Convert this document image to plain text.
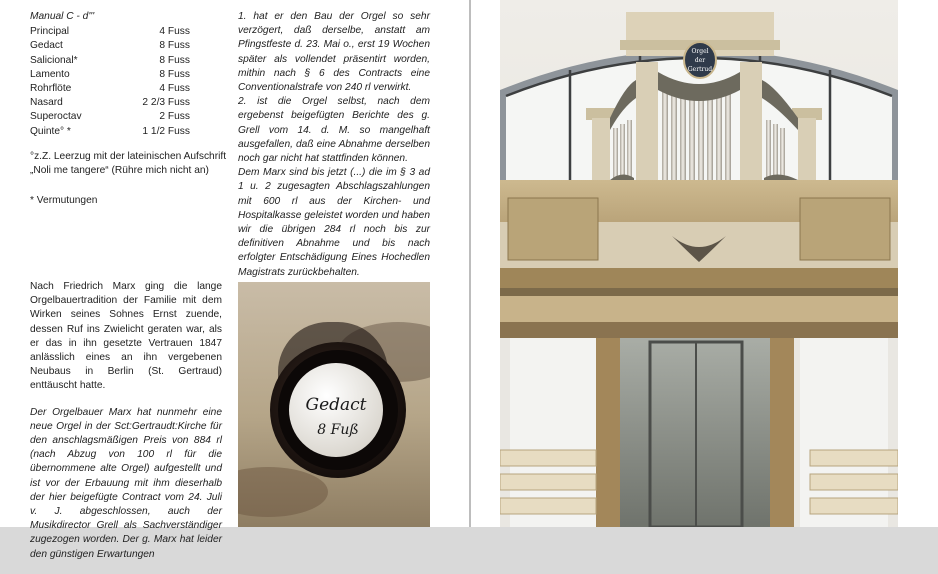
Manual C - d'''
Principal	4 Fuss
Gedact	8 Fuss
Salicional*	8 Fuss
Lamento	8 Fuss
Rohrflöte	4 Fuss
Nasard	2 2/3 Fuss
Superoctav	2 Fuss
Quinte° *	1 1/2 Fuss
°z.Z. Leerzug mit der lateinischen Aufschrift „Noli me tangere“ (Rühre mich nicht an)
* Vermutungen

1. hat er den Bau der Orgel so sehr verzögert, daß derselbe, anstatt am Pfingstfeste d. 23. Mai o., erst 19 Wochen später als vollendet präsentirt worden, mithin nach § 6 des Contracts eine Conventionalstrafe von 240 rl verwirkt.

2. ist die Orgel selbst, nach dem ergebenst beigefügten Berichte des g. Grell vom 14. d. M. so mangelhaft ausgefallen, daß eine Abnahme derselben noch gar nicht hat stattfinden können.

Dem Marx sind bis jetzt (...) die im § 3 ad 1 u. 2 zugesagten Abschlagszahlungen mit 600 rl aus der Kirchen- und Hospitalkasse geleistet worden und haben wir die übrigen 284 rl noch bis zur definitiven Abnahme und bis nach erfolgter Entschädigung Eines Hochedlen Magistrats zurückbehalten.

Nach Friedrich Marx ging die lange Orgelbauertradition der Familie mit dem Wirken seines Sohnes Ernst zuende, dessen Ruf ins Zwielicht geraten war, als er das in ihn gesetzte Vertrauen 1847 anlässlich eines an ihn vergebenen Neubaus in Berlin (St. Gertraud) enttäuscht hatte.

Der Orgelbauer Marx hat nunmehr eine neue Orgel in der Sct:Gertraudt:Kirche für den anschlagsmäßigen Preis von 884 rl (nach Abzug von 100 rl für die übernommene alte Orgel) aufgestellt und ist vor der Erbauung mit ihm dieserhalb der hier beigefügte Contract vom 24. Juli v. J. abgeschlossen, auch der Musikdirector Grell als Sachverständiger zugezogen worden. Der g. Marx hat leider den günstigen Erwartungen

Gedact
8 Fuß
Orgel
der
Gertrud
